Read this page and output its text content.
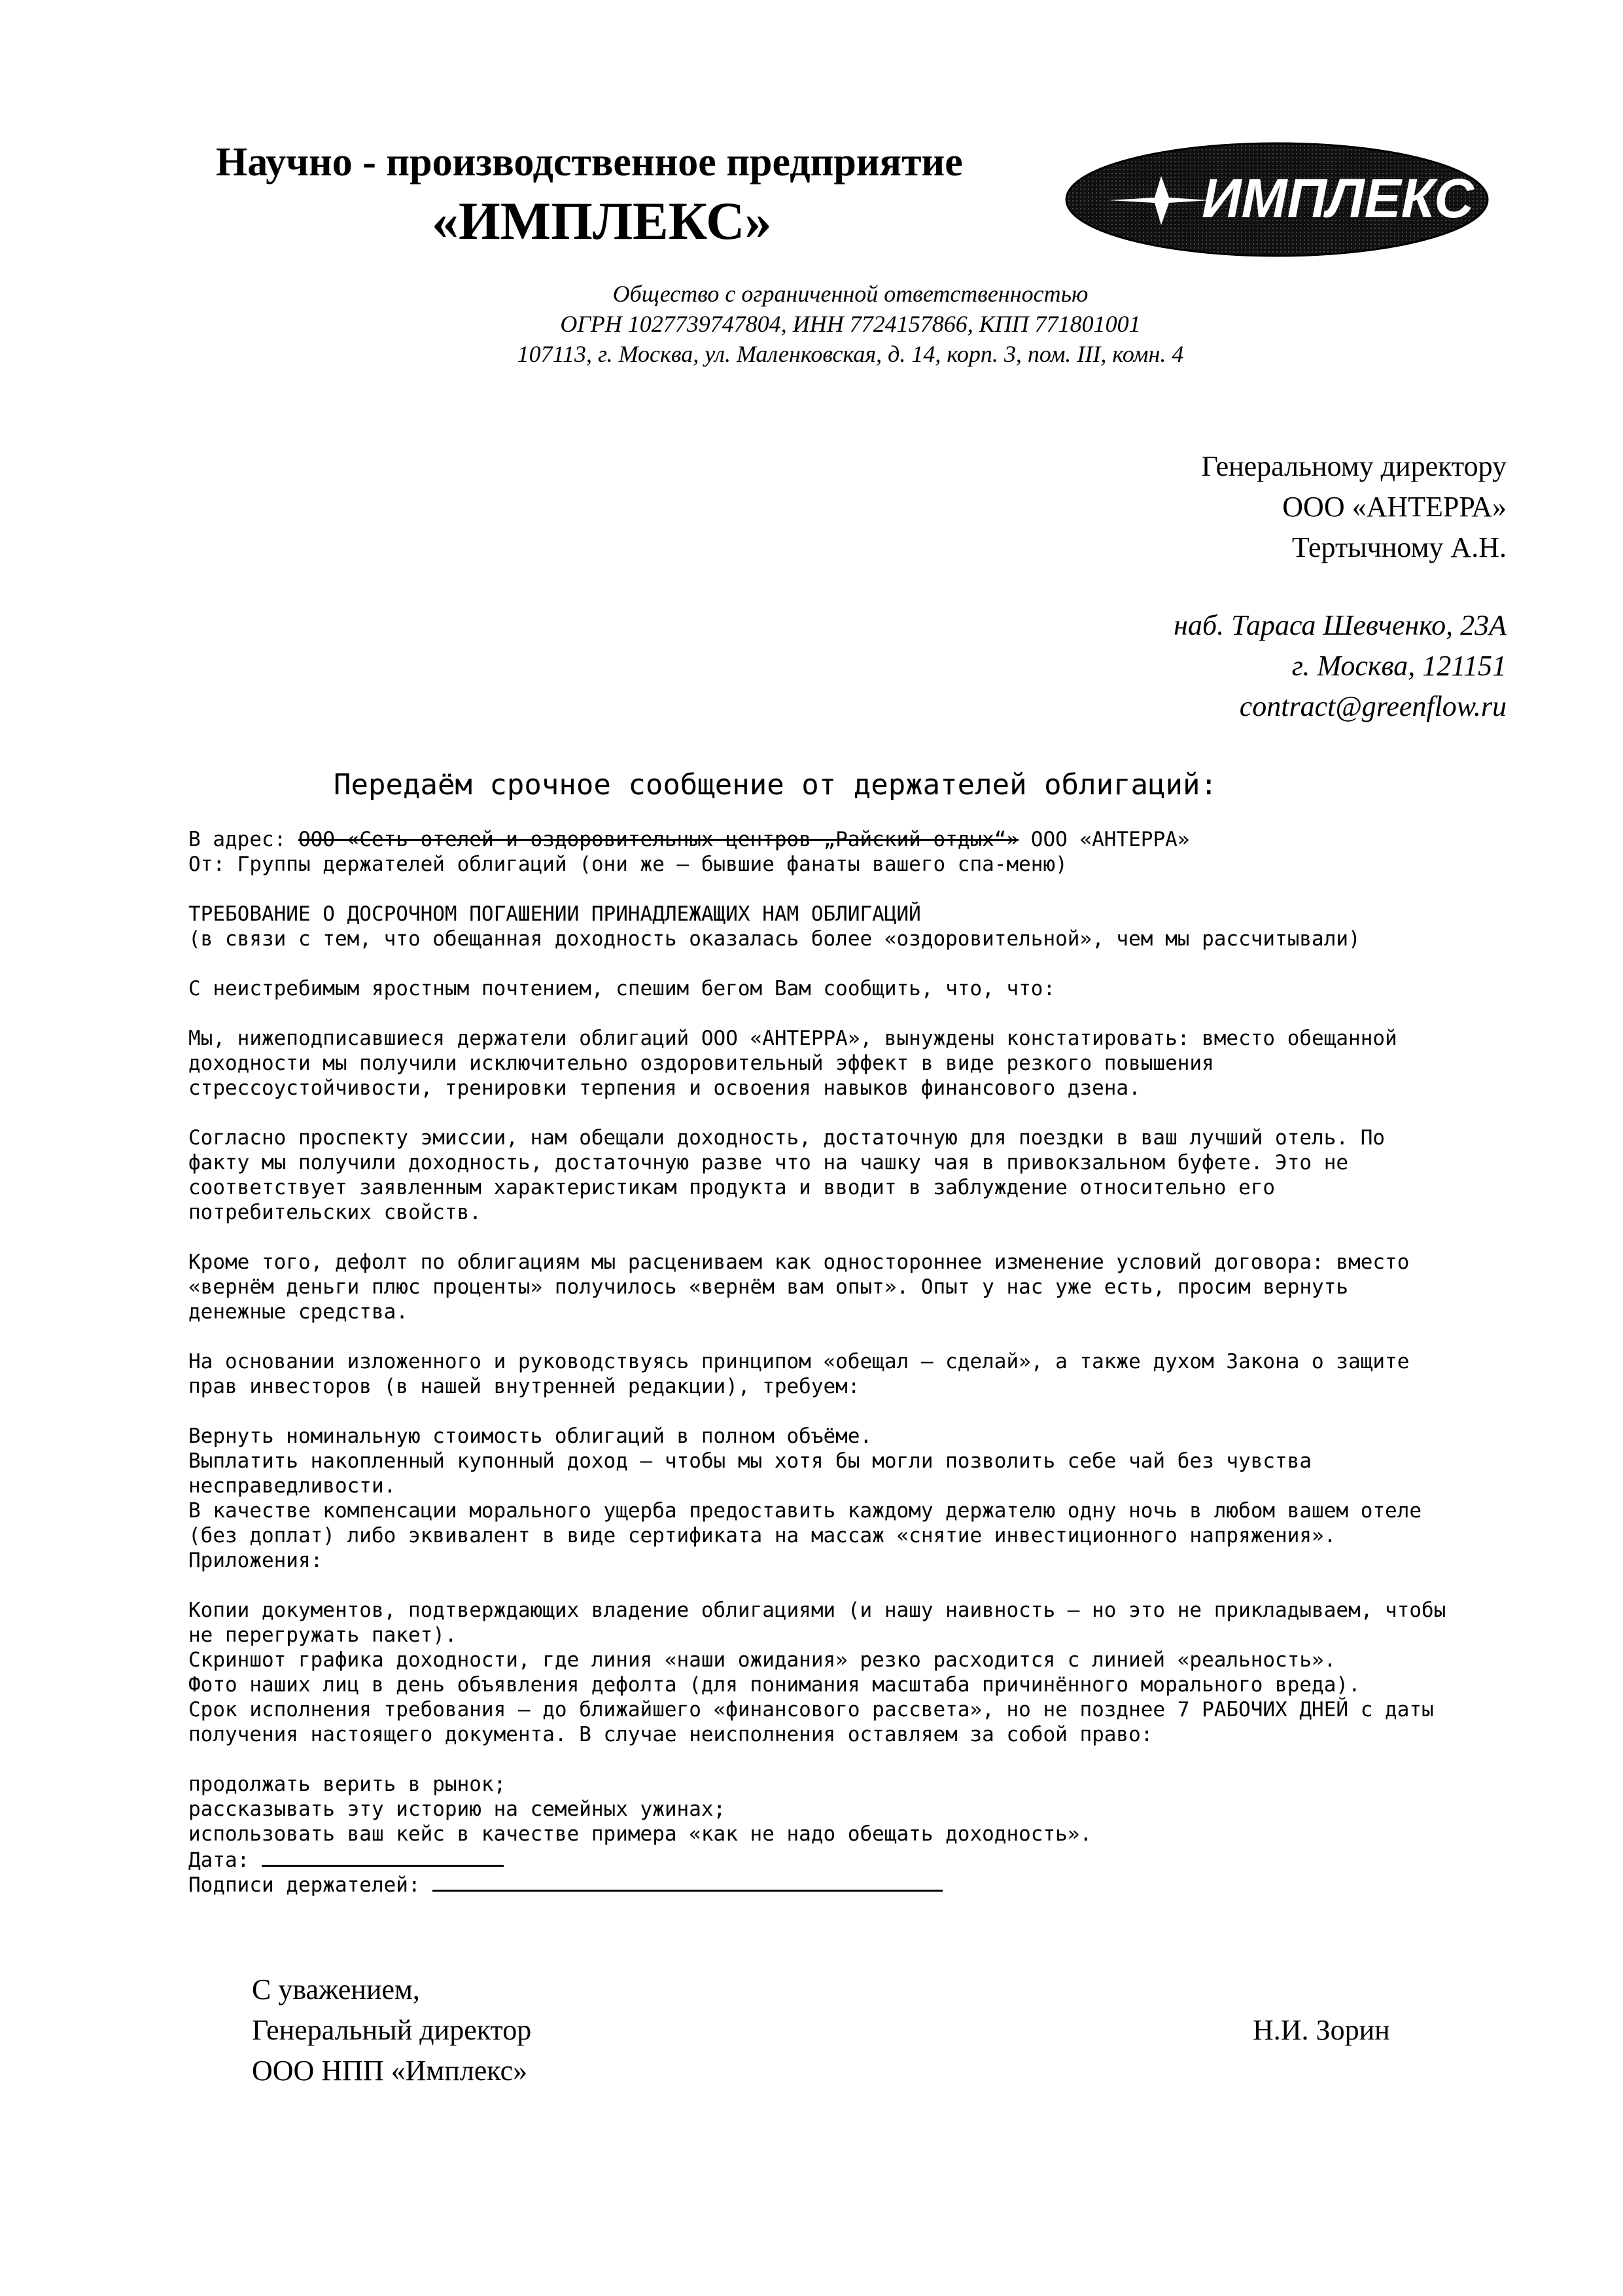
Научно - производственное предприятие
«ИМПЛЕКС»	ИМПЛЕКС
Общество с ограниченной ответственностью
ОГРН 1027739747804, ИНН 7724157866, КПП 771801001
107113, г. Москва, ул. Маленковская, д. 14, корп. 3, пом. III, комн. 4
Генеральному директору
ООО «АНТЕРРА»
Тертычному А.Н.
наб. Тараса Шевченко, 23А
г. Москва, 121151
contract@greenflow.ru
Передаём срочное сообщение от держателей облигаций:
В адрес: ООО «Сеть отелей и оздоровительных центров „Райский отдых“» ООО «АНТЕРРА»
От: Группы держателей облигаций (они же — бывшие фанаты вашего спа-меню)
ТРЕБОВАНИЕ О ДОСРОЧНОМ ПОГАШЕНИИ ПРИНАДЛЕЖАЩИХ НАМ ОБЛИГАЦИЙ
(в связи с тем, что обещанная доходность оказалась более «оздоровительной», чем мы рассчитывали)
С неистребимым яростным почтением, спешим бегом Вам сообщить, что, что:
Мы, нижеподписавшиеся держатели облигаций ООО «АНТЕРРА», вынуждены констатировать: вместо обещанной
доходности мы получили исключительно оздоровительный эффект в виде резкого повышения
стрессоустойчивости, тренировки терпения и освоения навыков финансового дзена.
Согласно проспекту эмиссии, нам обещали доходность, достаточную для поездки в ваш лучший отель. По
факту мы получили доходность, достаточную разве что на чашку чая в привокзальном буфете. Это не
соответствует заявленным характеристикам продукта и вводит в заблуждение относительно его
потребительских свойств.
Кроме того, дефолт по облигациям мы расцениваем как одностороннее изменение условий договора: вместо
«вернём деньги плюс проценты» получилось «вернём вам опыт». Опыт у нас уже есть, просим вернуть
денежные средства.
На основании изложенного и руководствуясь принципом «обещал — сделай», а также духом Закона о защите
прав инвесторов (в нашей внутренней редакции), требуем:
Вернуть номинальную стоимость облигаций в полном объёме.
Выплатить накопленный купонный доход — чтобы мы хотя бы могли позволить себе чай без чувства
несправедливости.
В качестве компенсации морального ущерба предоставить каждому держателю одну ночь в любом вашем отеле
(без доплат) либо эквивалент в виде сертификата на массаж «снятие инвестиционного напряжения».
Приложения:
Копии документов, подтверждающих владение облигациями (и нашу наивность — но это не прикладываем, чтобы
не перегружать пакет).
Скриншот графика доходности, где линия «наши ожидания» резко расходится с линией «реальность».
Фото наших лиц в день объявления дефолта (для понимания масштаба причинённого морального вреда).
Срок исполнения требования — до ближайшего «финансового рассвета», но не позднее 7 РАБОЧИХ ДНЕЙ с даты
получения настоящего документа. В случае неисполнения оставляем за собой право:
продолжать верить в рынок;
рассказывать эту историю на семейных ужинах;
использовать ваш кейс в качестве примера «как не надо обещать доходность».
Дата:
Подписи держателей:
С уважением,
Генеральный директор	Н.И. Зорин
ООО НПП «Имплекс»
